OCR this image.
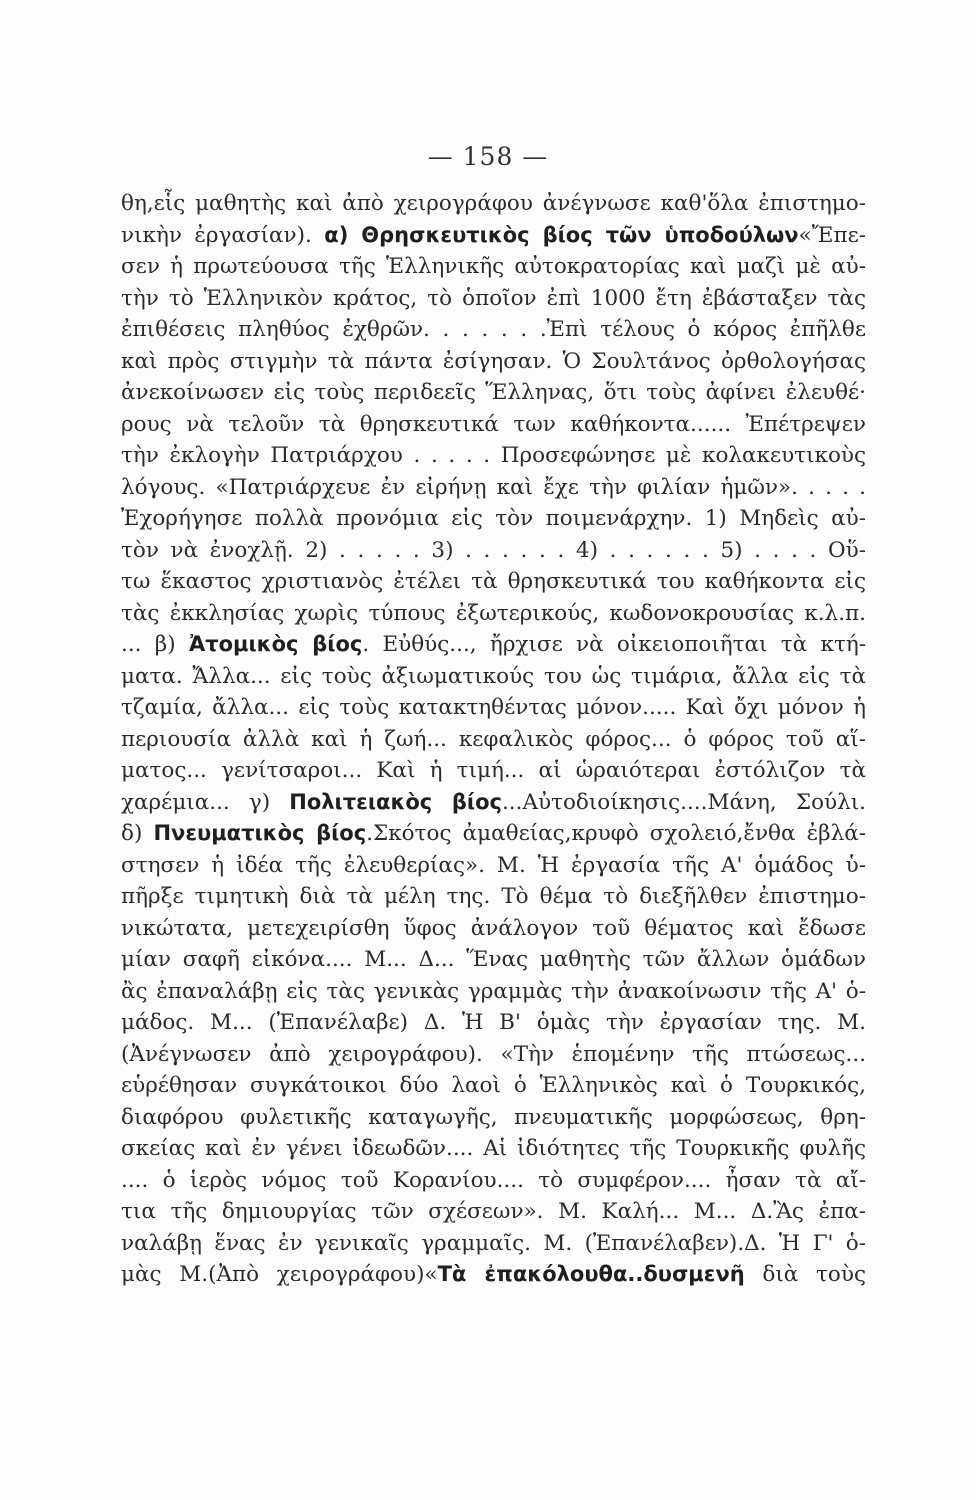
— 158 —
θη,εἷς μαθητὴς καὶ ἀπὸ χειρογράφου ἀνέγνωσε καθ'ὅλα ἐπιστημο-
νικὴν ἐργασίαν). α) Θρησκευτικὸς βίος τῶν ὑποδούλων«Ἔπε-
σεν ἡ πρωτεύουσα τῆς Ἑλληνικῆς αὐτοκρατορίας καὶ μαζὶ μὲ αὐ-
τὴν τὸ Ἑλληνικὸν κράτος, τὸ ὁποῖον ἐπὶ 1000 ἔτη ἐβάσταξεν τὰς
ἐπιθέσεις πληθύος ἐχθρῶν. . . . . . .Ἐπὶ τέλους ὁ κόρος ἐπῆλθε
καὶ πρὸς στιγμὴν τὰ πάντα ἐσίγησαν. Ὁ Σουλτάνος ὀρθολογήσας
ἀνεκοίνωσεν εἰς τοὺς περιδεεῖς Ἕλληνας, ὅτι τοὺς ἀφίνει ἐλευθέ·
ρους νὰ τελοῦν τὰ θρησκευτικά των καθήκοντα...... Ἐπέτρεψεν
τὴν ἐκλογὴν Πατριάρχου . . . . . Προσεφώνησε μὲ κολακευτικοὺς
λόγους. «Πατριάρχευε ἐν εἰρήνῃ καὶ ἔχε τὴν φιλίαν ἡμῶν». . . . .
Ἐχορήγησε πολλὰ προνόμια εἰς τὸν ποιμενάρχην. 1) Μηδεὶς αὐ-
τὸν νὰ ἐνοχλῇ. 2) . . . . . 3) . . . . . . 4) . . . . . . 5) . . . . Οὕ-
τω ἕκαστος χριστιανὸς ἐτέλει τὰ θρησκευτικά του καθήκοντα εἰς
τὰς ἐκκλησίας χωρὶς τύπους ἐξωτερικούς, κωδονοκρουσίας κ.λ.π.
... β) Ἀτομικὸς βίος. Εὐθύς..., ἤρχισε νὰ οἰκειοποιῆται τὰ κτή-
ματα. Ἄλλα... εἰς τοὺς ἀξιωματικούς του ὡς τιμάρια, ἄλλα εἰς τὰ
τζαμία, ἄλλα... εἰς τοὺς κατακτηθέντας μόνον..... Καὶ ὄχι μόνον ἡ
περιουσία ἀλλὰ καὶ ἡ ζωή... κεφαλικὸς φόρος... ὁ φόρος τοῦ αἵ-
ματος... γενίτσαροι... Καὶ ἡ τιμή... αἱ ὡραιότεραι ἐστόλιζον τὰ
χαρέμια... γ) Πολιτειακὸς βίος...Αὐτοδιοίκησις....Μάνη, Σούλι.
δ) Πνευματικὸς βίος.Σκότος ἀμαθείας,κρυφὸ σχολειό,ἔνθα ἐβλά-
στησεν ἡ ἰδέα τῆς ἐλευθερίας». Μ. Ἡ ἐργασία τῆς Α' ὁμάδος ὑ-
πῆρξε τιμητικὴ διὰ τὰ μέλη της. Τὸ θέμα τὸ διεξῆλθεν ἐπιστημο-
νικώτατα, μετεχειρίσθη ὕφος ἀνάλογον τοῦ θέματος καὶ ἔδωσε
μίαν σαφῆ εἰκόνα.... Μ... Δ... Ἕνας μαθητὴς τῶν ἄλλων ὁμάδων
ἂς ἐπαναλάβῃ εἰς τὰς γενικὰς γραμμὰς τὴν ἀνακοίνωσιν τῆς Α' ὁ-
μάδος. Μ... (Ἐπανέλαβε) Δ. Ἡ Β' ὁμὰς τὴν ἐργασίαν της. Μ.
(Ἀνέγνωσεν ἀπὸ χειρογράφου). «Τὴν ἑπομένην τῆς πτώσεως...
εὑρέθησαν συγκάτοικοι δύο λαοὶ ὁ Ἑλληνικὸς καὶ ὁ Τουρκικός,
διαφόρου φυλετικῆς καταγωγῆς, πνευματικῆς μορφώσεως, θρη-
σκείας καὶ ἐν γένει ἰδεωδῶν.... Αἱ ἰδιότητες τῆς Τουρκικῆς φυλῆς
.... ὁ ἱερὸς νόμος τοῦ Κορανίου.... τὸ συμφέρον.... ἦσαν τὰ αἴ-
τια τῆς δημιουργίας τῶν σχέσεων». Μ. Καλή... Μ... Δ.Ἂς ἐπα-
ναλάβῃ ἕνας ἐν γενικαῖς γραμμαῖς. Μ. (Ἐπανέλαβεν).Δ. Ἡ Γ' ὁ-
μὰς Μ.(Ἀπὸ χειρογράφου)«Τὰ ἐπακόλουθα..δυσμενῆ διὰ τοὺς
